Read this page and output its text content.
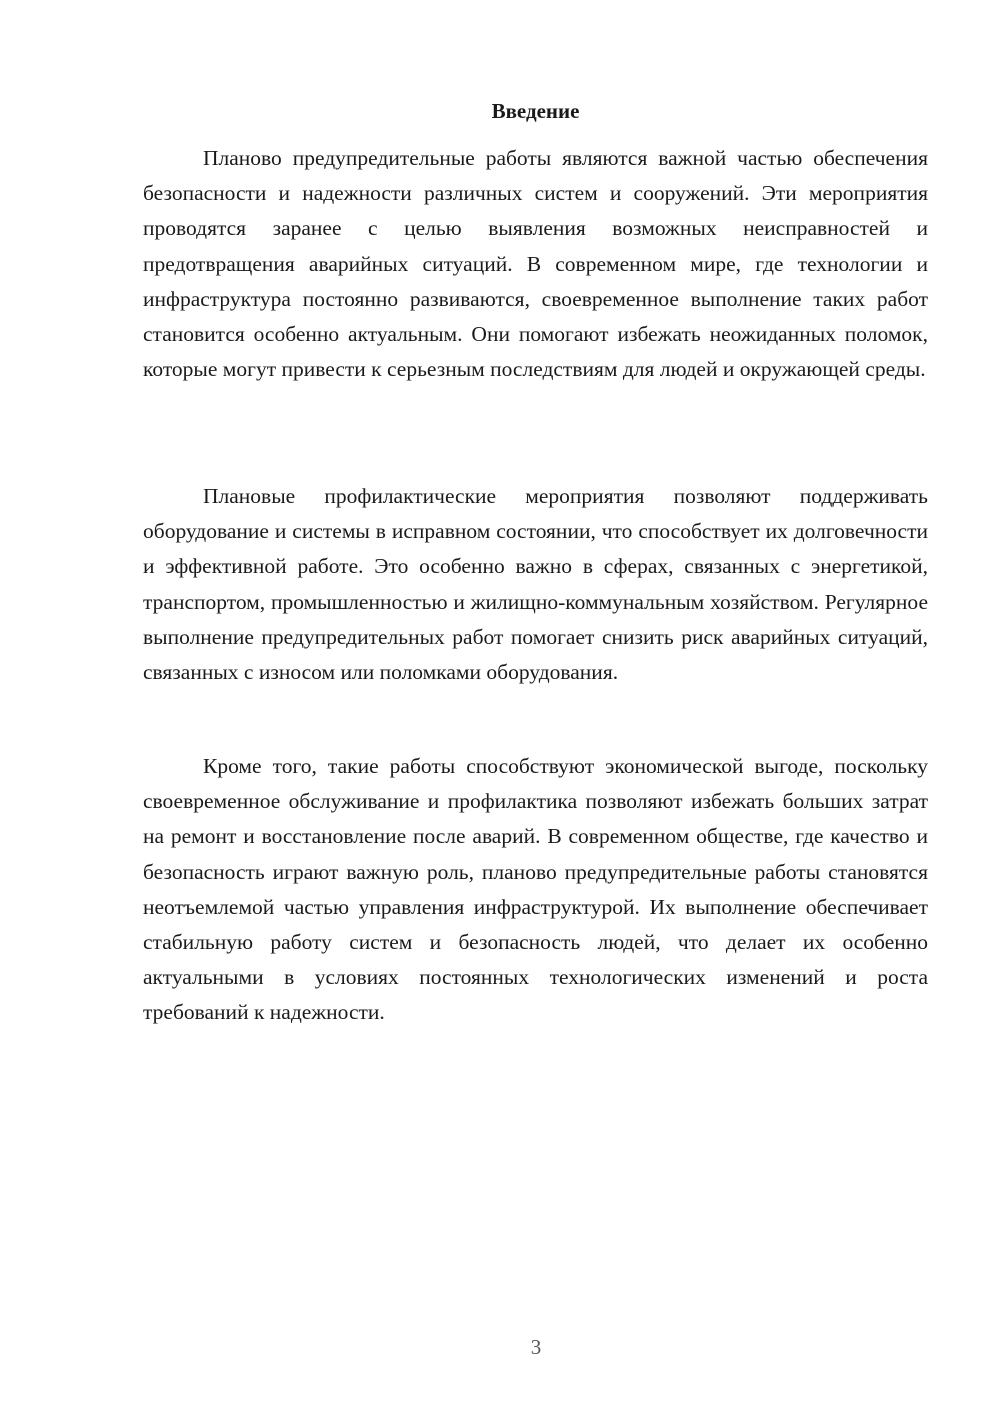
Введение

Планово предупредительные работы являются важной частью обеспечения безопасности и надежности различных систем и сооружений. Эти мероприятия проводятся заранее с целью выявления возможных неисправностей и предотвращения аварийных ситуаций. В современном мире, где технологии и инфраструктура постоянно развиваются, своевременное выполнение таких работ становится особенно актуальным. Они помогают избежать неожиданных поломок, которые могут привести к серьезным последствиям для людей и окружающей среды.

Плановые профилактические мероприятия позволяют поддерживать оборудование и системы в исправном состоянии, что способствует их долговечности и эффективной работе. Это особенно важно в сферах, связанных с энергетикой, транспортом, промышленностью и жилищно-коммунальным хозяйством. Регулярное выполнение предупредительных работ помогает снизить риск аварийных ситуаций, связанных с износом или поломками оборудования.

Кроме того, такие работы способствуют экономической выгоде, поскольку своевременное обслуживание и профилактика позволяют избежать больших затрат на ремонт и восстановление после аварий. В современном обществе, где качество и безопасность играют важную роль, планово предупредительные работы становятся неотъемлемой частью управления инфраструктурой. Их выполнение обеспечивает стабильную работу систем и безопасность людей, что делает их особенно актуальными в условиях постоянных технологических изменений и роста требований к надежности.

3
